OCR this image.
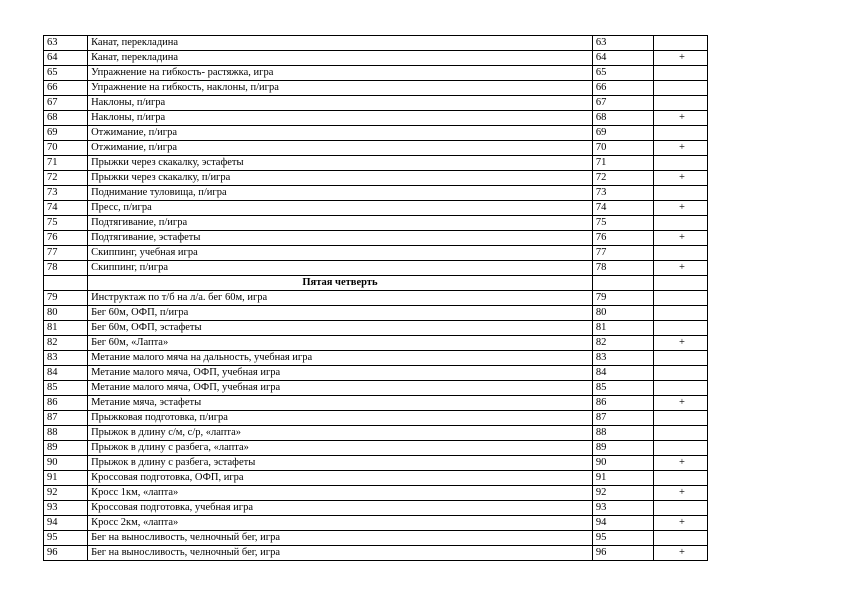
63	Канат, перекладина	63	
64	Канат, перекладина	64	+
65	Упражнение на гибкость- растяжка, игра	65	
66	Упражнение на гибкость, наклоны, п/игра	66	
67	Наклоны, п/игра	67	
68	Наклоны, п/игра	68	+
69	Отжимание, п/игра	69	
70	Отжимание, п/игра	70	+
71	Прыжки через скакалку, эстафеты	71	
72	Прыжки через скакалку, п/игра	72	+
73	Поднимание туловища, п/игра	73	
74	Пресс, п/игра	74	+
75	Подтягивание, п/игра	75	
76	Подтягивание, эстафеты	76	+
77	Скиппинг, учебная игра	77	
78	Скиппинг, п/игра	78	+
	Пятая четверть		
79	Инструктаж по т/б на л/а. бег 60м, игра	79	
80	Бег 60м, ОФП, п/игра	80	
81	Бег 60м, ОФП, эстафеты	81	
82	Бег 60м, «Лапта»	82	+
83	Метание малого мяча на дальность, учебная игра	83	
84	Метание малого мяча, ОФП, учебная игра	84	
85	Метание малого мяча, ОФП, учебная игра	85	
86	Метание мяча, эстафеты	86	+
87	Прыжковая подготовка, п/игра	87	
88	Прыжок в длину с/м, с/р, «лапта»	88	
89	Прыжок в длину с разбега, «лапта»	89	
90	Прыжок в длину с разбега, эстафеты	90	+
91	Кроссовая подготовка, ОФП, игра	91	
92	Кросс 1км, «лапта»	92	+
93	Кроссовая подготовка, учебная игра	93	
94	Кросс 2км, «лапта»	94	+
95	Бег на выносливость, челночный бег, игра	95	
96	Бег на выносливость, челночный бег, игра	96	+
